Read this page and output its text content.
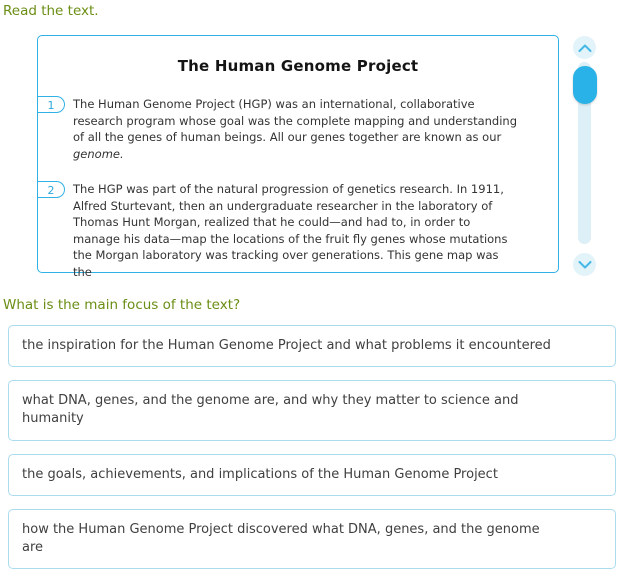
Read the text.
The Human Genome Project
1	The Human Genome Project (HGP) was an international, collaborative research program whose goal was the complete mapping and understanding of all the genes of human beings. All our genes together are known as our genome.

2	The HGP was part of the natural progression of genetics research. In 1911, Alfred Sturtevant, then an undergraduate researcher in the laboratory of Thomas Hunt Morgan, realized that he could—and had to, in order to manage his data—map the locations of the fruit fly genes whose mutations the Morgan laboratory was tracking over generations. This gene map was the

What is the main focus of the text?
the inspiration for the Human Genome Project and what problems it encountered
what DNA, genes, and the genome are, and why they matter to science and humanity
the goals, achievements, and implications of the Human Genome Project
how the Human Genome Project discovered what DNA, genes, and the genome are
